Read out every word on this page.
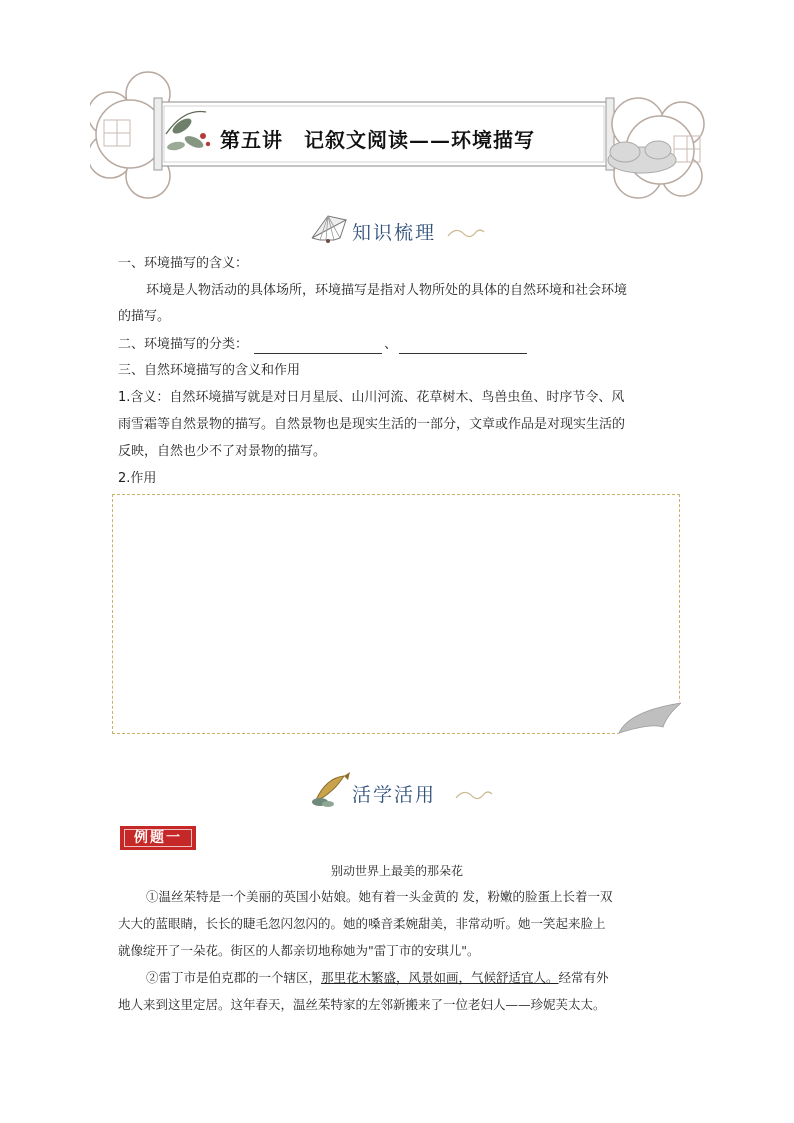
第五讲　记叙文阅读——环境描写
知识梳理
一、环境描写的含义：
环境是人物活动的具体场所，环境描写是指对人物所处的具体的自然环境和社会环境
的描写。
二、环境描写的分类：	、
三、自然环境描写的含义和作用
1.含义：自然环境描写就是对日月星辰、山川河流、花草树木、鸟兽虫鱼、时序节令、风
雨雪霜等自然景物的描写。自然景物也是现实生活的一部分，文章或作品是对现实生活的
反映，自然也少不了对景物的描写。
2.作用
活学活用
例题一
别动世界上最美的那朵花
①温丝茱特是一个美丽的英国小姑娘。她有着一头金黄的 发，粉嫩的脸蛋上长着一双
大大的蓝眼睛，长长的睫毛忽闪忽闪的。她的嗓音柔婉甜美，非常动听。她一笑起来脸上
就像绽开了一朵花。街区的人都亲切地称她为"雷丁市的安琪儿"。
②雷丁市是伯克郡的一个辖区，那里花木繁盛，风景如画，气候舒适宜人。经常有外
地人来到这里定居。这年春天，温丝茱特家的左邻新搬来了一位老妇人——珍妮芙太太。
